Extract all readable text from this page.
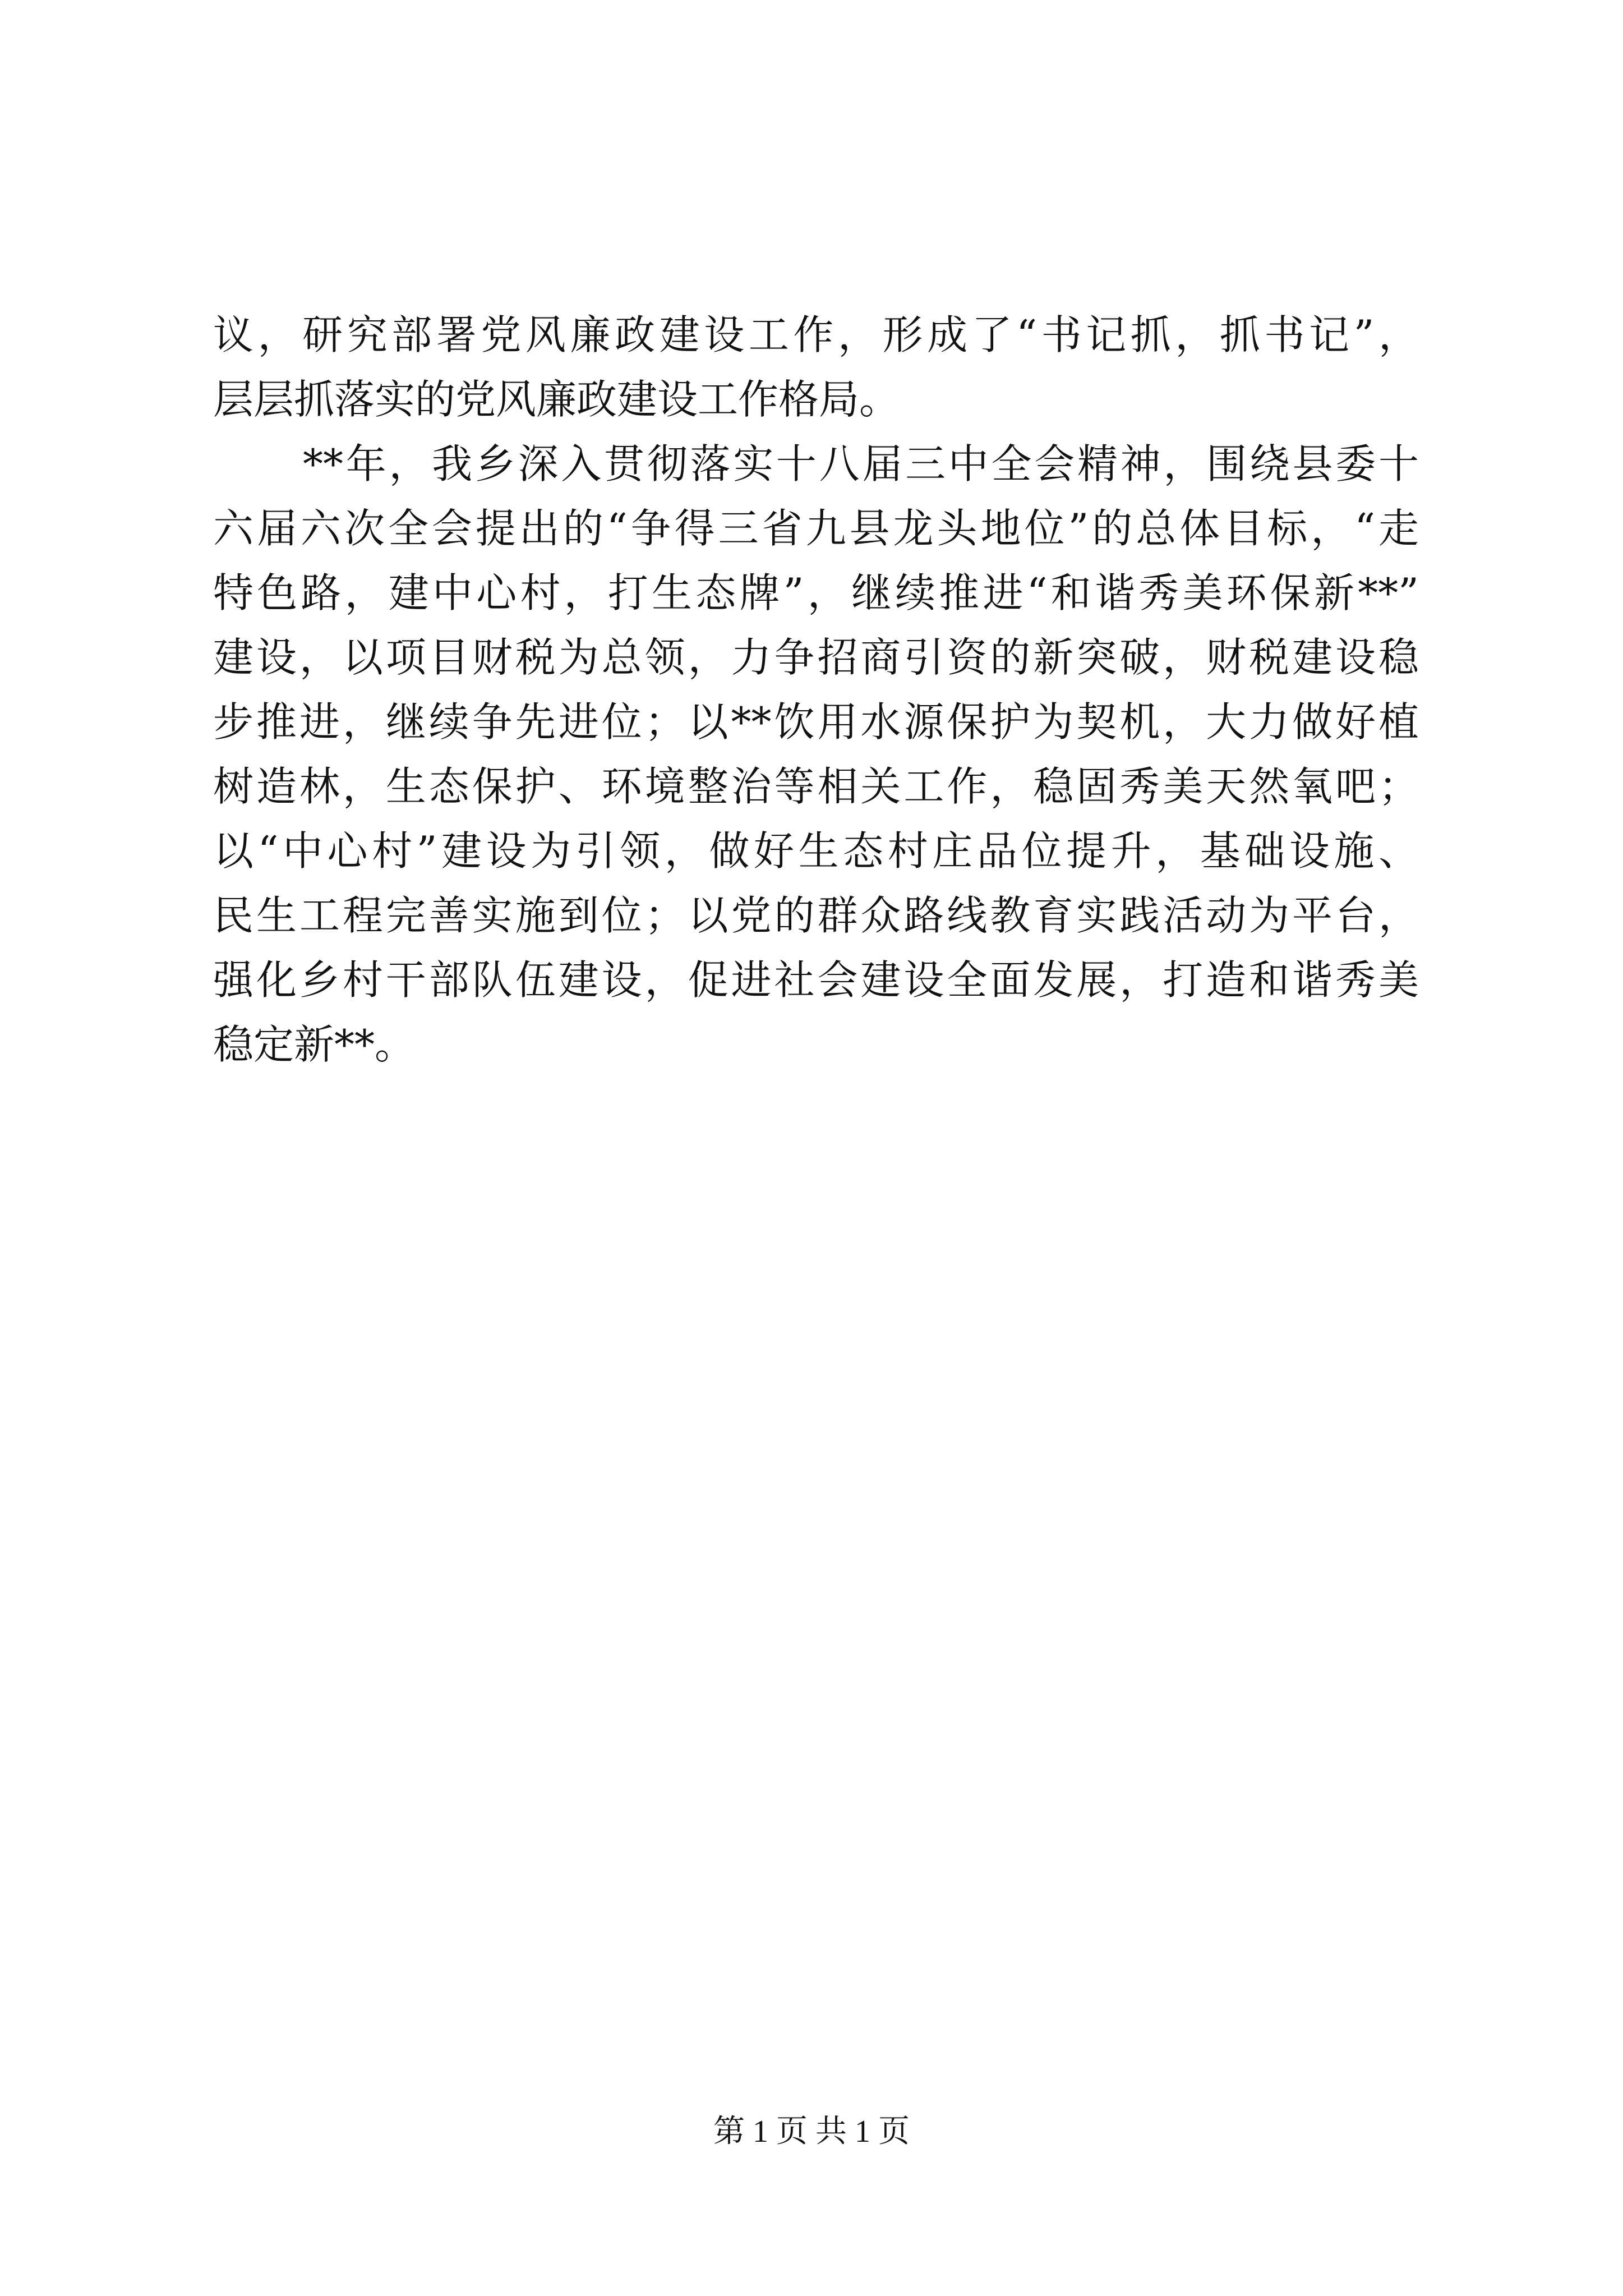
议，研究部署党风廉政建设工作，形成了“书记抓，抓书记”，
层层抓落实的党风廉政建设工作格局。
**年，我乡深入贯彻落实十八届三中全会精神，围绕县委十
六届六次全会提出的“争得三省九县龙头地位”的总体目标，“走
特色路，建中心村，打生态牌”，继续推进“和谐秀美环保新**”
建设，以项目财税为总领，力争招商引资的新突破，财税建设稳
步推进，继续争先进位；以**饮用水源保护为契机，大力做好植
树造林，生态保护、环境整治等相关工作，稳固秀美天然氧吧；
以“中心村”建设为引领，做好生态村庄品位提升，基础设施、
民生工程完善实施到位；以党的群众路线教育实践活动为平台，
强化乡村干部队伍建设，促进社会建设全面发展，打造和谐秀美
稳定新**。
第 1 页 共 1 页
